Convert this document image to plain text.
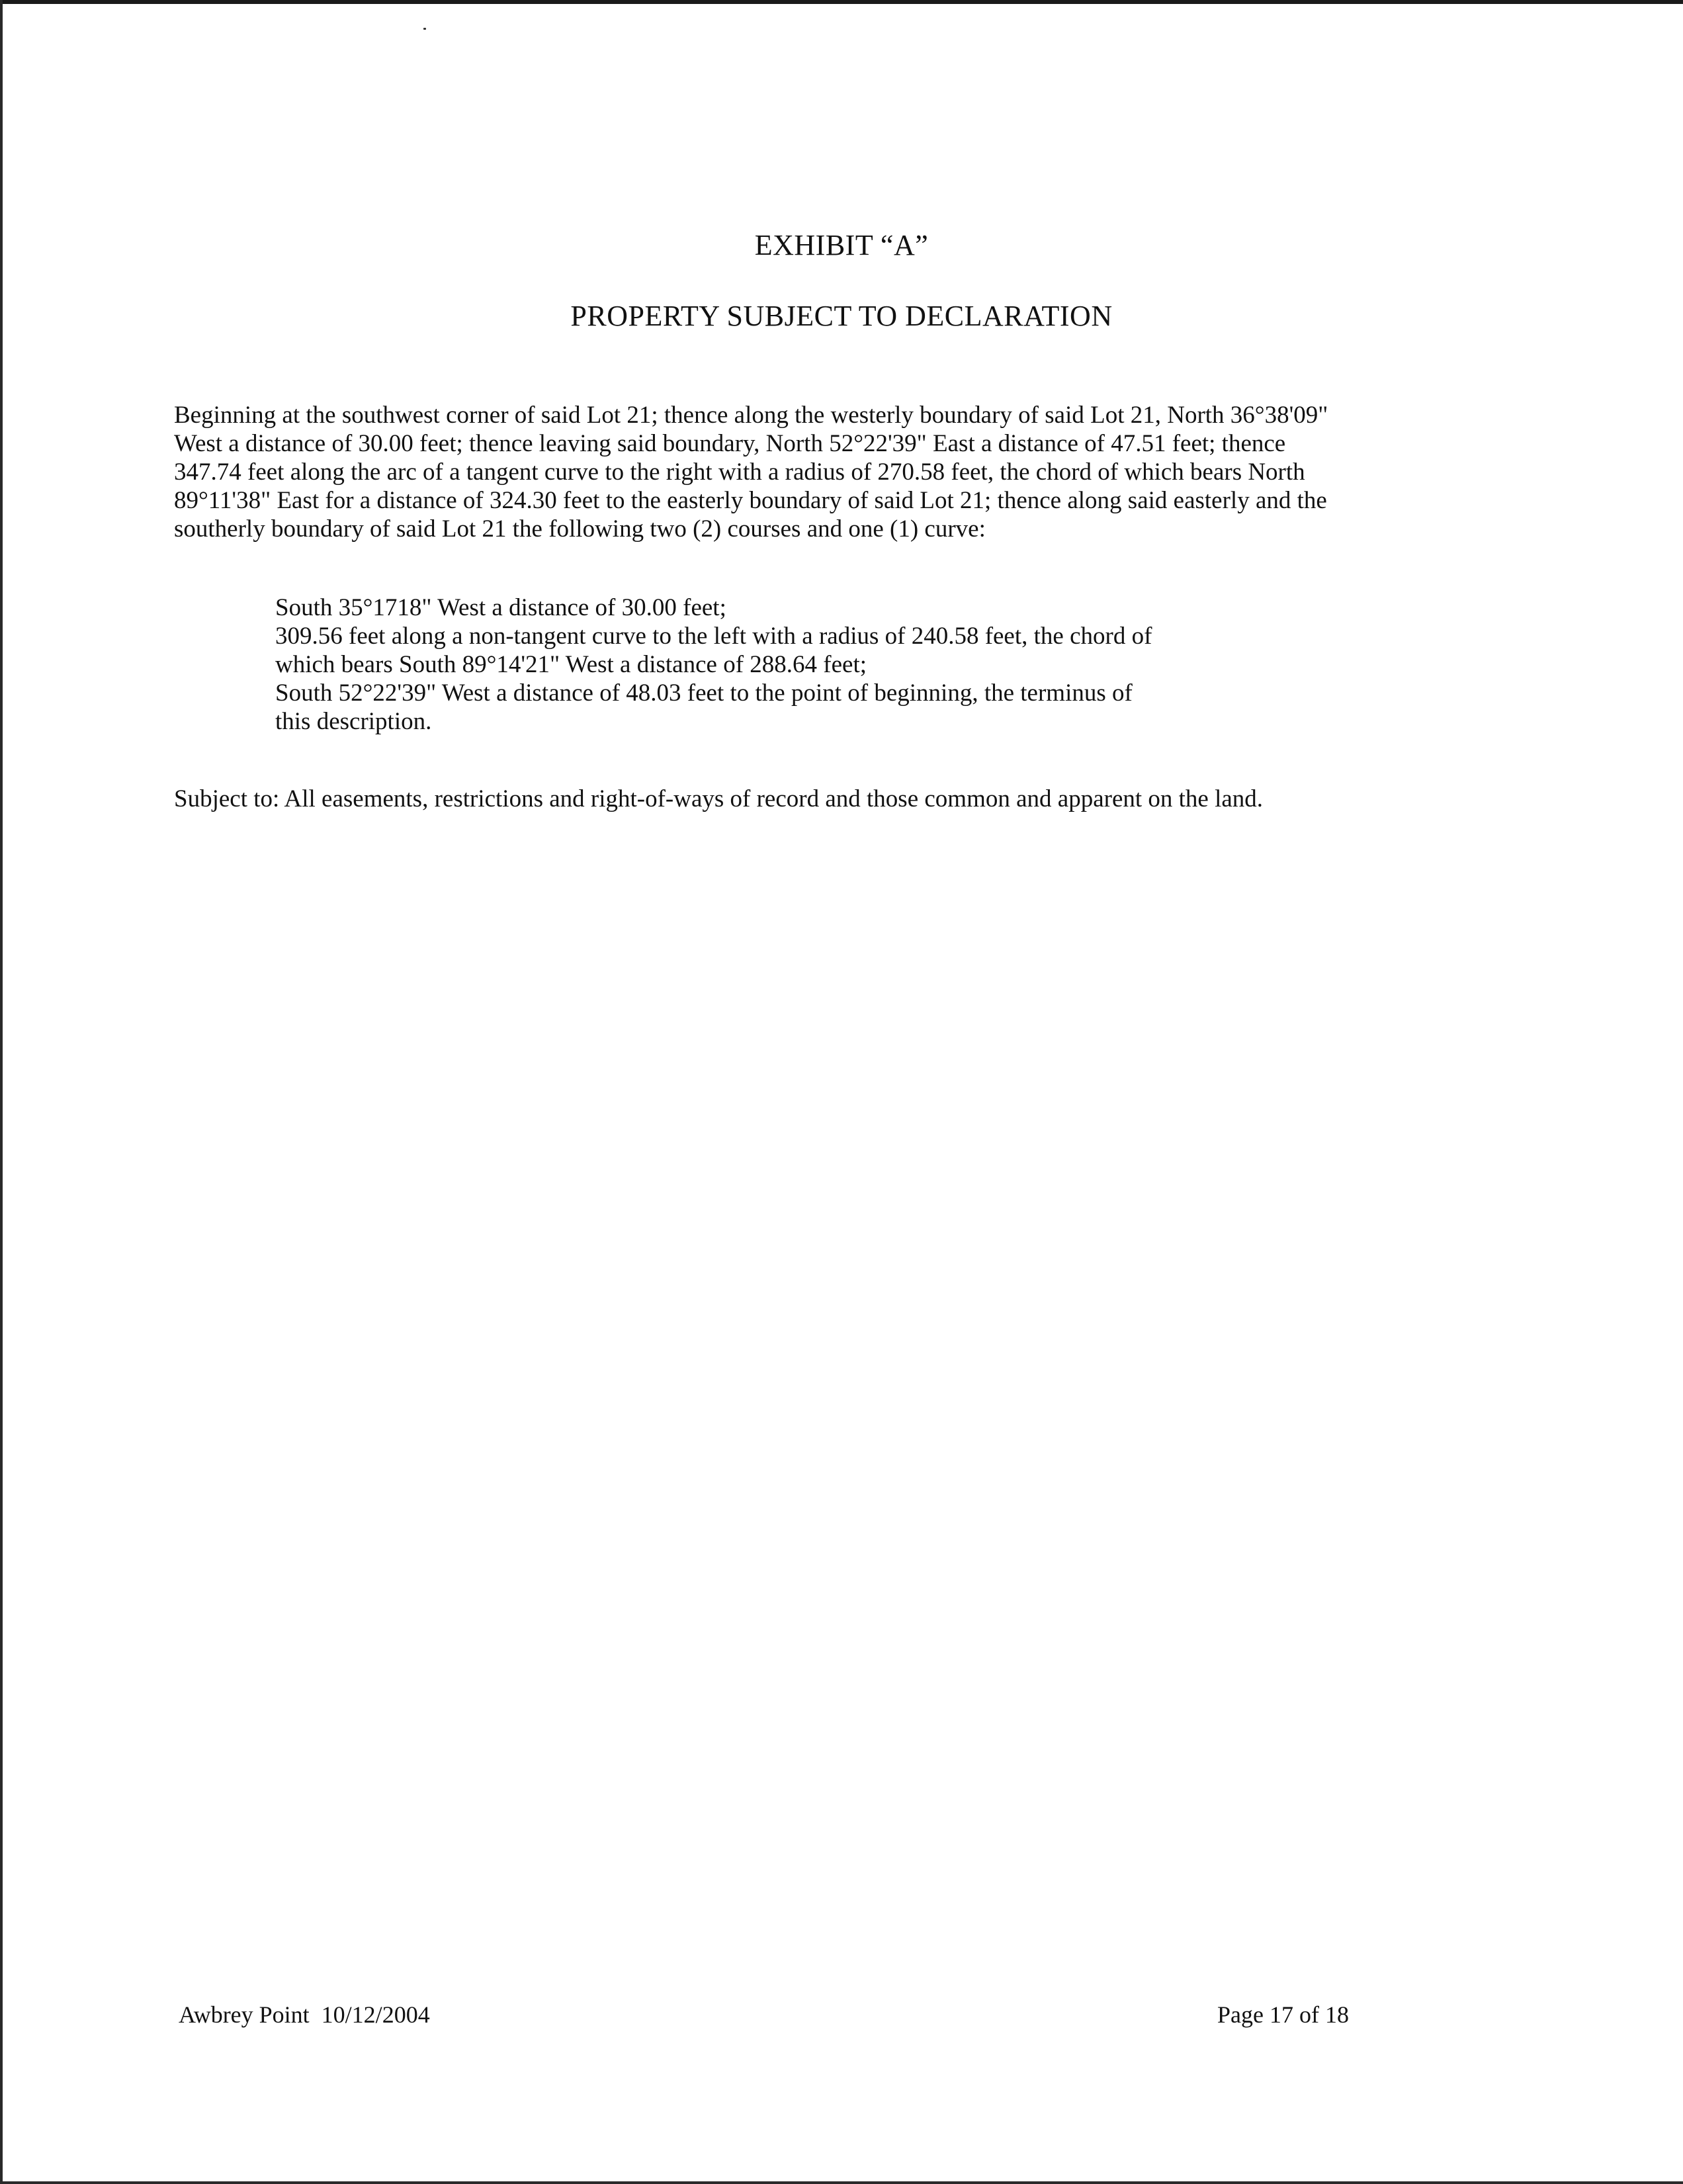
EXHIBIT “A”
PROPERTY SUBJECT TO DECLARATION
Beginning at the southwest corner of said Lot 21; thence along the westerly boundary of said Lot 21, North 36°38'09"
West a distance of 30.00 feet; thence leaving said boundary, North 52°22'39" East a distance of 47.51 feet; thence
347.74 feet along the arc of a tangent curve to the right with a radius of 270.58 feet, the chord of which bears North
89°11'38" East for a distance of 324.30 feet to the easterly boundary of said Lot 21; thence along said easterly and the
southerly boundary of said Lot 21 the following two (2) courses and one (1) curve:
South 35°1718" West a distance of 30.00 feet;
309.56 feet along a non-tangent curve to the left with a radius of 240.58 feet, the chord of
which bears South 89°14'21" West a distance of 288.64 feet;
South 52°22'39" West a distance of 48.03 feet to the point of beginning, the terminus of
this description.
Subject to: All easements, restrictions and right-of-ways of record and those common and apparent on the land.
Awbrey Point  10/12/2004	Page 17 of 18
